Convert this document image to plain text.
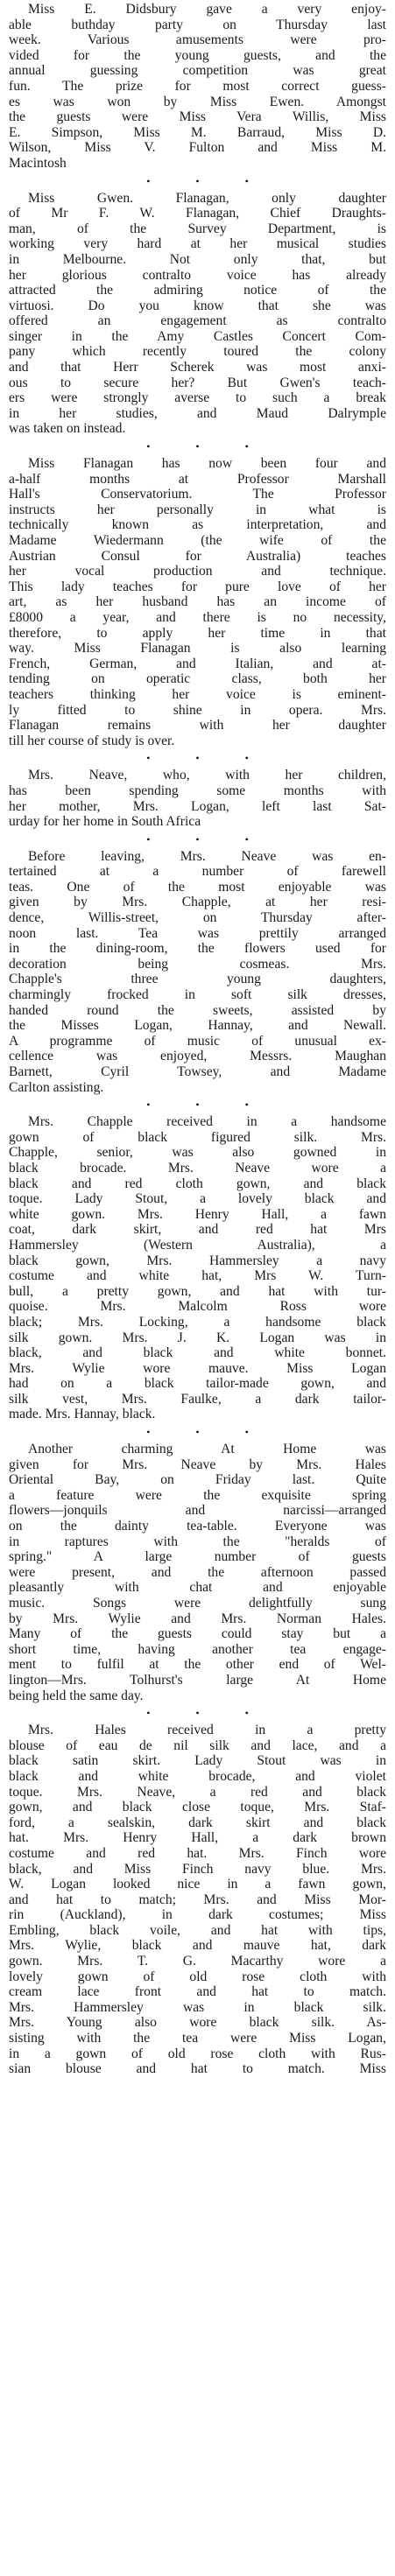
Miss E. Didsbury gave a very enjoy-
able buthday party on Thursday last
week. Various amusements were pro-
vided for the young guests, and the
annual guessing competition was great
fun. The prize for most correct guess-
es was won by Miss Ewen. Amongst
the guests were Miss Vera Willis, Miss
E. Simpson, Miss M. Barraud, Miss D.
Wilson, Miss V. Fulton and Miss M.
Macintosh
•••
Miss Gwen. Flanagan, only daughter
of Mr F. W. Flanagan, Chief Draughts-
man, of the Survey Department, is
working very hard at her musical studies
in Melbourne. Not only that, but
her glorious contralto voice has already
attracted the admiring notice of the
virtuosi. Do you know that she was
offered an engagement as contralto
singer in the Amy Castles Concert Com-
pany which recently toured the colony
and that Herr Scherek was most anxi-
ous to secure her? But Gwen's teach-
ers were strongly averse to such a break
in her studies, and Maud Dalrymple
was taken on instead.
•••
Miss Flanagan has now been four and
a-half months at Professor Marshall
Hall's Conservatorium. The Professor
instructs her personally in what is
technically known as interpretation, and
Madame Wiedermann (the wife of the
Austrian Consul for Australia) teaches
her vocal production and technique.
This lady teaches for pure love of her
art, as her husband has an income of
£8000 a year, and there is no necessity,
therefore, to apply her time in that
way. Miss Flanagan is also learning
French, German, and Italian, and at-
tending on operatic class, both her
teachers thinking her voice is eminent-
ly fitted to shine in opera. Mrs.
Flanagan remains with her daughter
till her course of study is over.
•••
Mrs. Neave, who, with her children,
has been spending some months with
her mother, Mrs. Logan, left last Sat-
urday for her home in South Africa
•••
Before leaving, Mrs. Neave was en-
tertained at a number of farewell
teas. One of the most enjoyable was
given by Mrs. Chapple, at her resi-
dence, Willis-street, on Thursday after-
noon last. Tea was prettily arranged
in the dining-room, the flowers used for
decoration being cosmeas. Mrs.
Chapple's three young daughters,
charmingly frocked in soft silk dresses,
handed round the sweets, assisted by
the Misses Logan, Hannay, and Newall.
A programme of music of unusual ex-
cellence was enjoyed, Messrs. Maughan
Barnett, Cyril Towsey, and Madame
Carlton assisting.
•••
Mrs. Chapple received in a handsome
gown of black figured silk. Mrs.
Chapple, senior, was also gowned in
black brocade. Mrs. Neave wore a
black and red cloth gown, and black
toque. Lady Stout, a lovely black and
white gown. Mrs. Henry Hall, a fawn
coat, dark skirt, and red hat Mrs
Hammersley (Western Australia), a
black gown, Mrs. Hammersley a navy
costume and white hat, Mrs W. Turn-
bull, a pretty gown, and hat with tur-
quoise. Mrs. Malcolm Ross wore
black; Mrs. Locking, a handsome black
silk gown. Mrs. J. K. Logan was in
black, and black and white bonnet.
Mrs. Wylie wore mauve. Miss Logan
had on a black tailor-made gown, and
silk vest, Mrs. Faulke, a dark tailor-
made. Mrs. Hannay, black.
•••
Another charming At Home was
given for Mrs. Neave by Mrs. Hales
Oriental Bay, on Friday last. Quite
a feature were the exquisite spring
flowers—jonquils and narcissi—arranged
on the dainty tea-table. Everyone was
in raptures with the "heralds of
spring." A large number of guests
were present, and the afternoon passed
pleasantly with chat and enjoyable
music. Songs were delightfully sung
by Mrs. Wylie and Mrs. Norman Hales.
Many of the guests could stay but a
short time, having another tea engage-
ment to fulfil at the other end of Wel-
lington—Mrs. Tolhurst's large At Home
being held the same day.
•••
Mrs. Hales received in a pretty
blouse of eau de nil silk and lace, and a
black satin skirt. Lady Stout was in
black and white brocade, and violet
toque. Mrs. Neave, a red and black
gown, and black close toque, Mrs. Staf-
ford, a sealskin, dark skirt and black
hat. Mrs. Henry Hall, a dark brown
costume and red hat. Mrs. Finch wore
black, and Miss Finch navy blue. Mrs.
W. Logan looked nice in a fawn gown,
and hat to match; Mrs. and Miss Mor-
rin (Auckland), in dark costumes; Miss
Embling, black voile, and hat with tips,
Mrs. Wylie, black and mauve hat, dark
gown. Mrs. T. G. Macarthy wore a
lovely gown of old rose cloth with
cream lace front and hat to match.
Mrs. Hammersley was in black silk.
Mrs. Young also wore black silk. As-
sisting with the tea were Miss Logan,
in a gown of old rose cloth with Rus-
sian blouse and hat to match. Miss
